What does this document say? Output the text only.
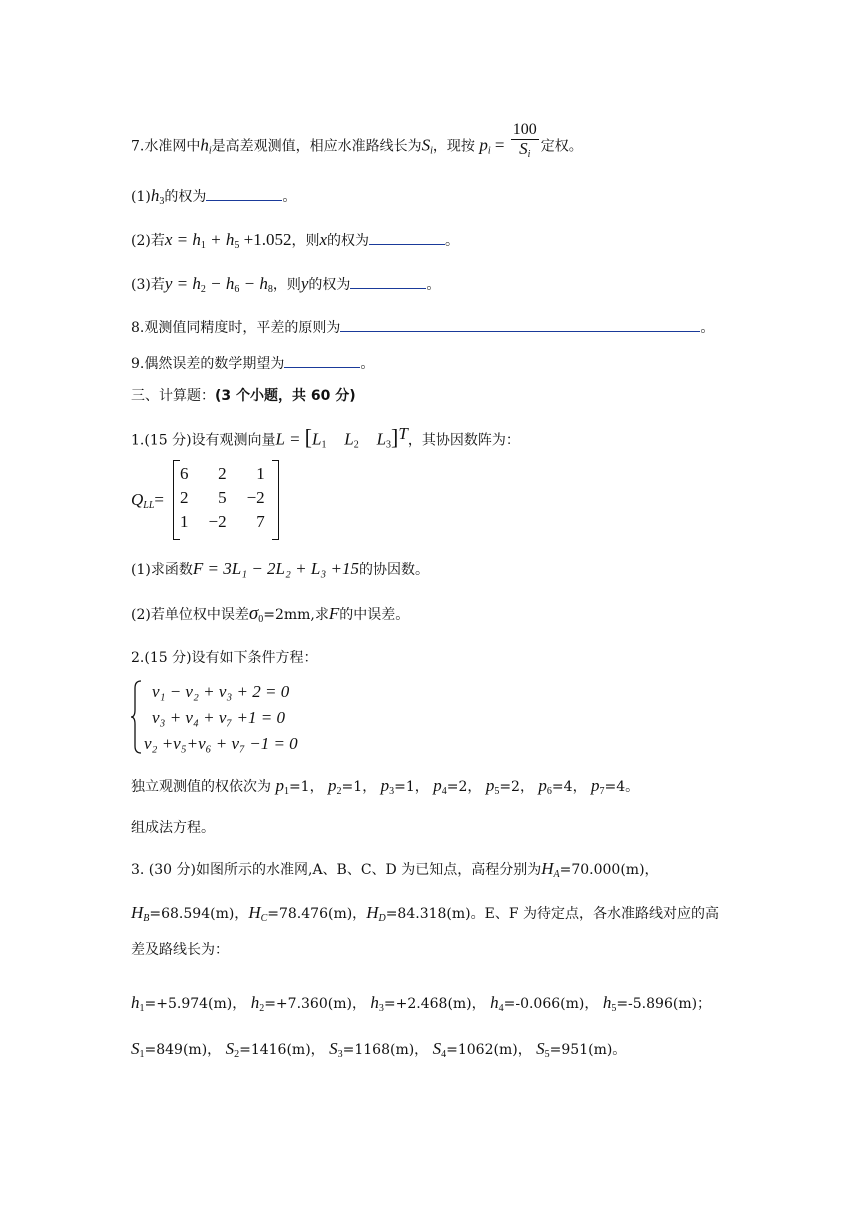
7.水准网中$h_i$是高差观测值，相应水准路线长为$S_i$，现按 $p_i = \frac{100}{S_i}$ 定权。
$(1)h_3$的权为	。
(2)若$x = h_1 + h_5 +1.052$，则x的权为	。
(3)若$y = h_2 - h_6 - h_8$，则y的权为	。
8.观测值同精度时，平差的原则为	。
9.偶然误差的数学期望为	。
三、计算题：(3 个小题，共 60 分)
1.(15 分)设有观测向量$L = [L_1$ $L_2$ $L_3]^T$，其协因数阵为：
$Q_{LL}=$
6	2	1
2	5	−2
1	−2	7
(1)求函数F = 3L₁ − 2L₂ + L₃ +15的协因数。
(2)若单位权中误差$\sigma_0=2mm$,求F的中误差。
2.(15 分)设有如下条件方程：
v₁ − v₂ + v₃ + 2 = 0
v₃ + v₄ + v₇ +1 = 0
v₂ +v₅+v₆ + v₇ −1 = 0
独立观测值的权依次为 $p_1=1$， $p_2=1$， $p_3=1$， $p_4=2$， $p_5=2$， $p_6=4$， $p_7=4$。
组成法方程。
3. (30 分)如图所示的水准网,A、B、C、D 为已知点，高程分别为$H_A=70.000(m)$，
$H_B=68.594(m)$，$H_C=78.476(m)$，$H_D=84.318(m)$。E、F 为待定点，各水准路线对应的高
差及路线长为：
$h_1=+5.974(m)$， $h_2=+7.360(m)$， $h_3=+2.468(m)$， $h_4=-0.066(m)$， $h_5=-5.896(m)$；
$S_1=849(m)$， $S_2=1416(m)$， $S_3=1168(m)$， $S_4=1062(m)$， $S_5=951(m)$。
